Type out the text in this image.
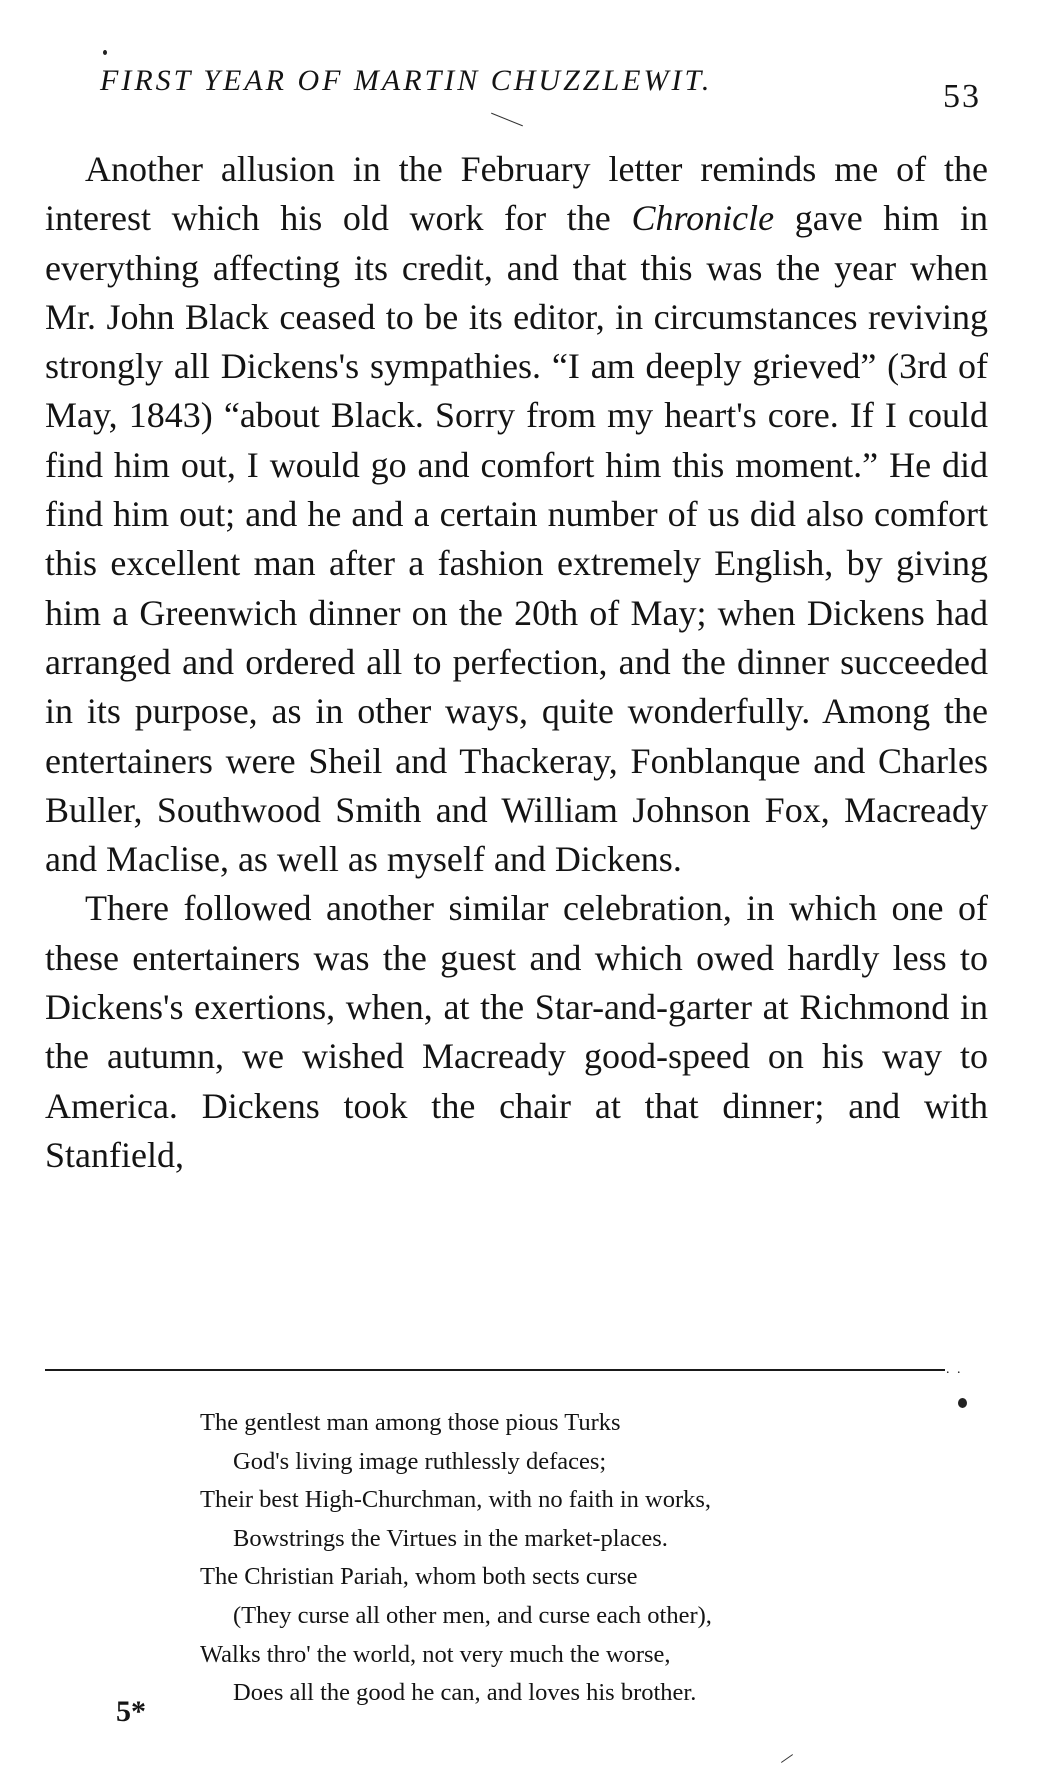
FIRST YEAR OF MARTIN CHUZZLEWIT.	53

Another allusion in the February letter reminds me of the interest which his old work for the Chronicle gave him in everything affecting its credit, and that this was the year when Mr. John Black ceased to be its editor, in circumstances reviving strongly all Dickens's sympathies. “I am deeply grieved” (3rd of May, 1843) “about Black. Sorry from my heart's core. If I could find him out, I would go and comfort him this moment.” He did find him out; and he and a certain number of us did also comfort this excellent man after a fashion extremely English, by giving him a Greenwich dinner on the 20th of May; when Dickens had arranged and ordered all to perfection, and the dinner succeeded in its purpose, as in other ways, quite wonderfully. Among the entertainers were Sheil and Thackeray, Fonblanque and Charles Buller, Southwood Smith and William Johnson Fox, Macready and Maclise, as well as myself and Dickens.

There followed another similar celebration, in which one of these entertainers was the guest and which owed hardly less to Dickens's exertions, when, at the Star-and-garter at Richmond in the autumn, we wished Macready good-speed on his way to America. Dickens took the chair at that dinner; and with Stanfield,

. .
The gentlest man among those pious Turks
God's living image ruthlessly defaces;
Their best High-Churchman, with no faith in works,
Bowstrings the Virtues in the market-places.
The Christian Pariah, whom both sects curse
(They curse all other men, and curse each other),
Walks thro' the world, not very much the worse,
Does all the good he can, and loves his brother.
5*
